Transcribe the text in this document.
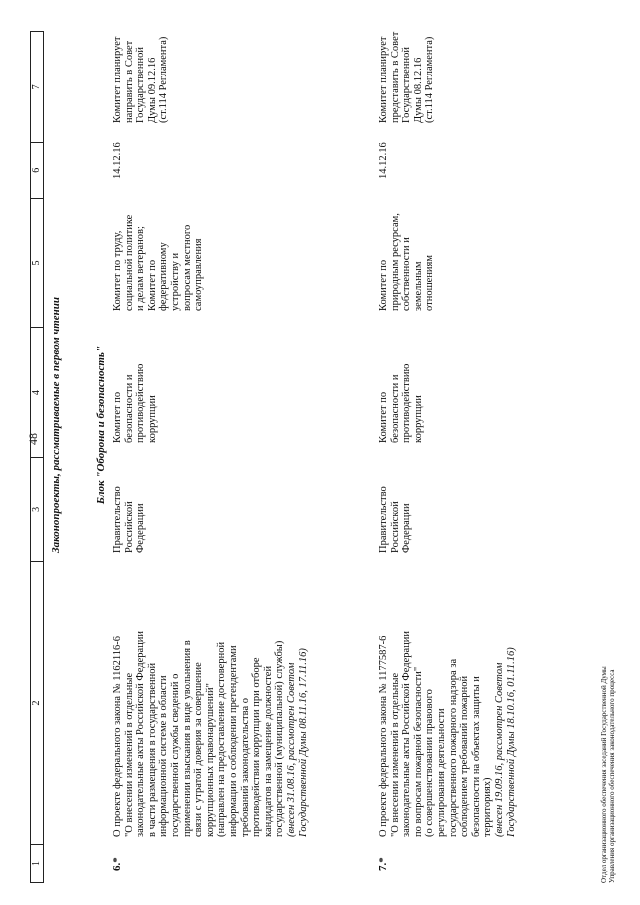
48
1
2
3
4
5
6
7
Законопроекты, рассматриваемые в первом чтении	Блок "Оборона и безопасность"
6.*
О проекте федерального закона № 1162116-6 "О внесении изменений в отдельные законодательные акты Российской Федерации в части размещения в государственной информационной системе в области государственной службы сведений о применении взыскания в виде увольнения в связи с утратой доверия за совершение коррупционных правонарушений" (направлен на предоставление достоверной информации о соблюдении претендентами требований законодательства о противодействии коррупции при отборе кандидатов на замещение должностей государственной (муниципальной) службы) (внесен 31.08.16, рассмотрен Советом Государственной Думы 08.11.16, 17.11.16)
Правительство Российской Федерации
Комитет по безопасности и противодействию коррупции
Комитет по труду, социальной политике и делам ветеранов; Комитет по федеративному устройству и вопросам местного самоуправления
14.12.16
Комитет планирует направить в Совет Государственной Думы 09.12.16 (ст.114 Регламента)
7.*
О проекте федерального закона № 1177587-6 "О внесении изменений в отдельные законодательные акты Российской Федерации по вопросам пожарной безопасности" (о совершенствовании правового регулирования деятельности государственного пожарного надзора за соблюдением требований пожарной безопасности на объектах защиты и территориях) (внесен 19.09.16, рассмотрен Советом Государственной Думы 18.10.16, 01.11.16)
Правительство Российской Федерации
Комитет по безопасности и противодействию коррупции
Комитет по природным ресурсам, собственности и земельным отношениям
14.12.16
Комитет планирует представить в Совет Государственной Думы 08.12.16 (ст.114 Регламента)
Отдел организационного обеспечения заседаний Государственной Думы Управления организационного обеспечения законодательного процесса
